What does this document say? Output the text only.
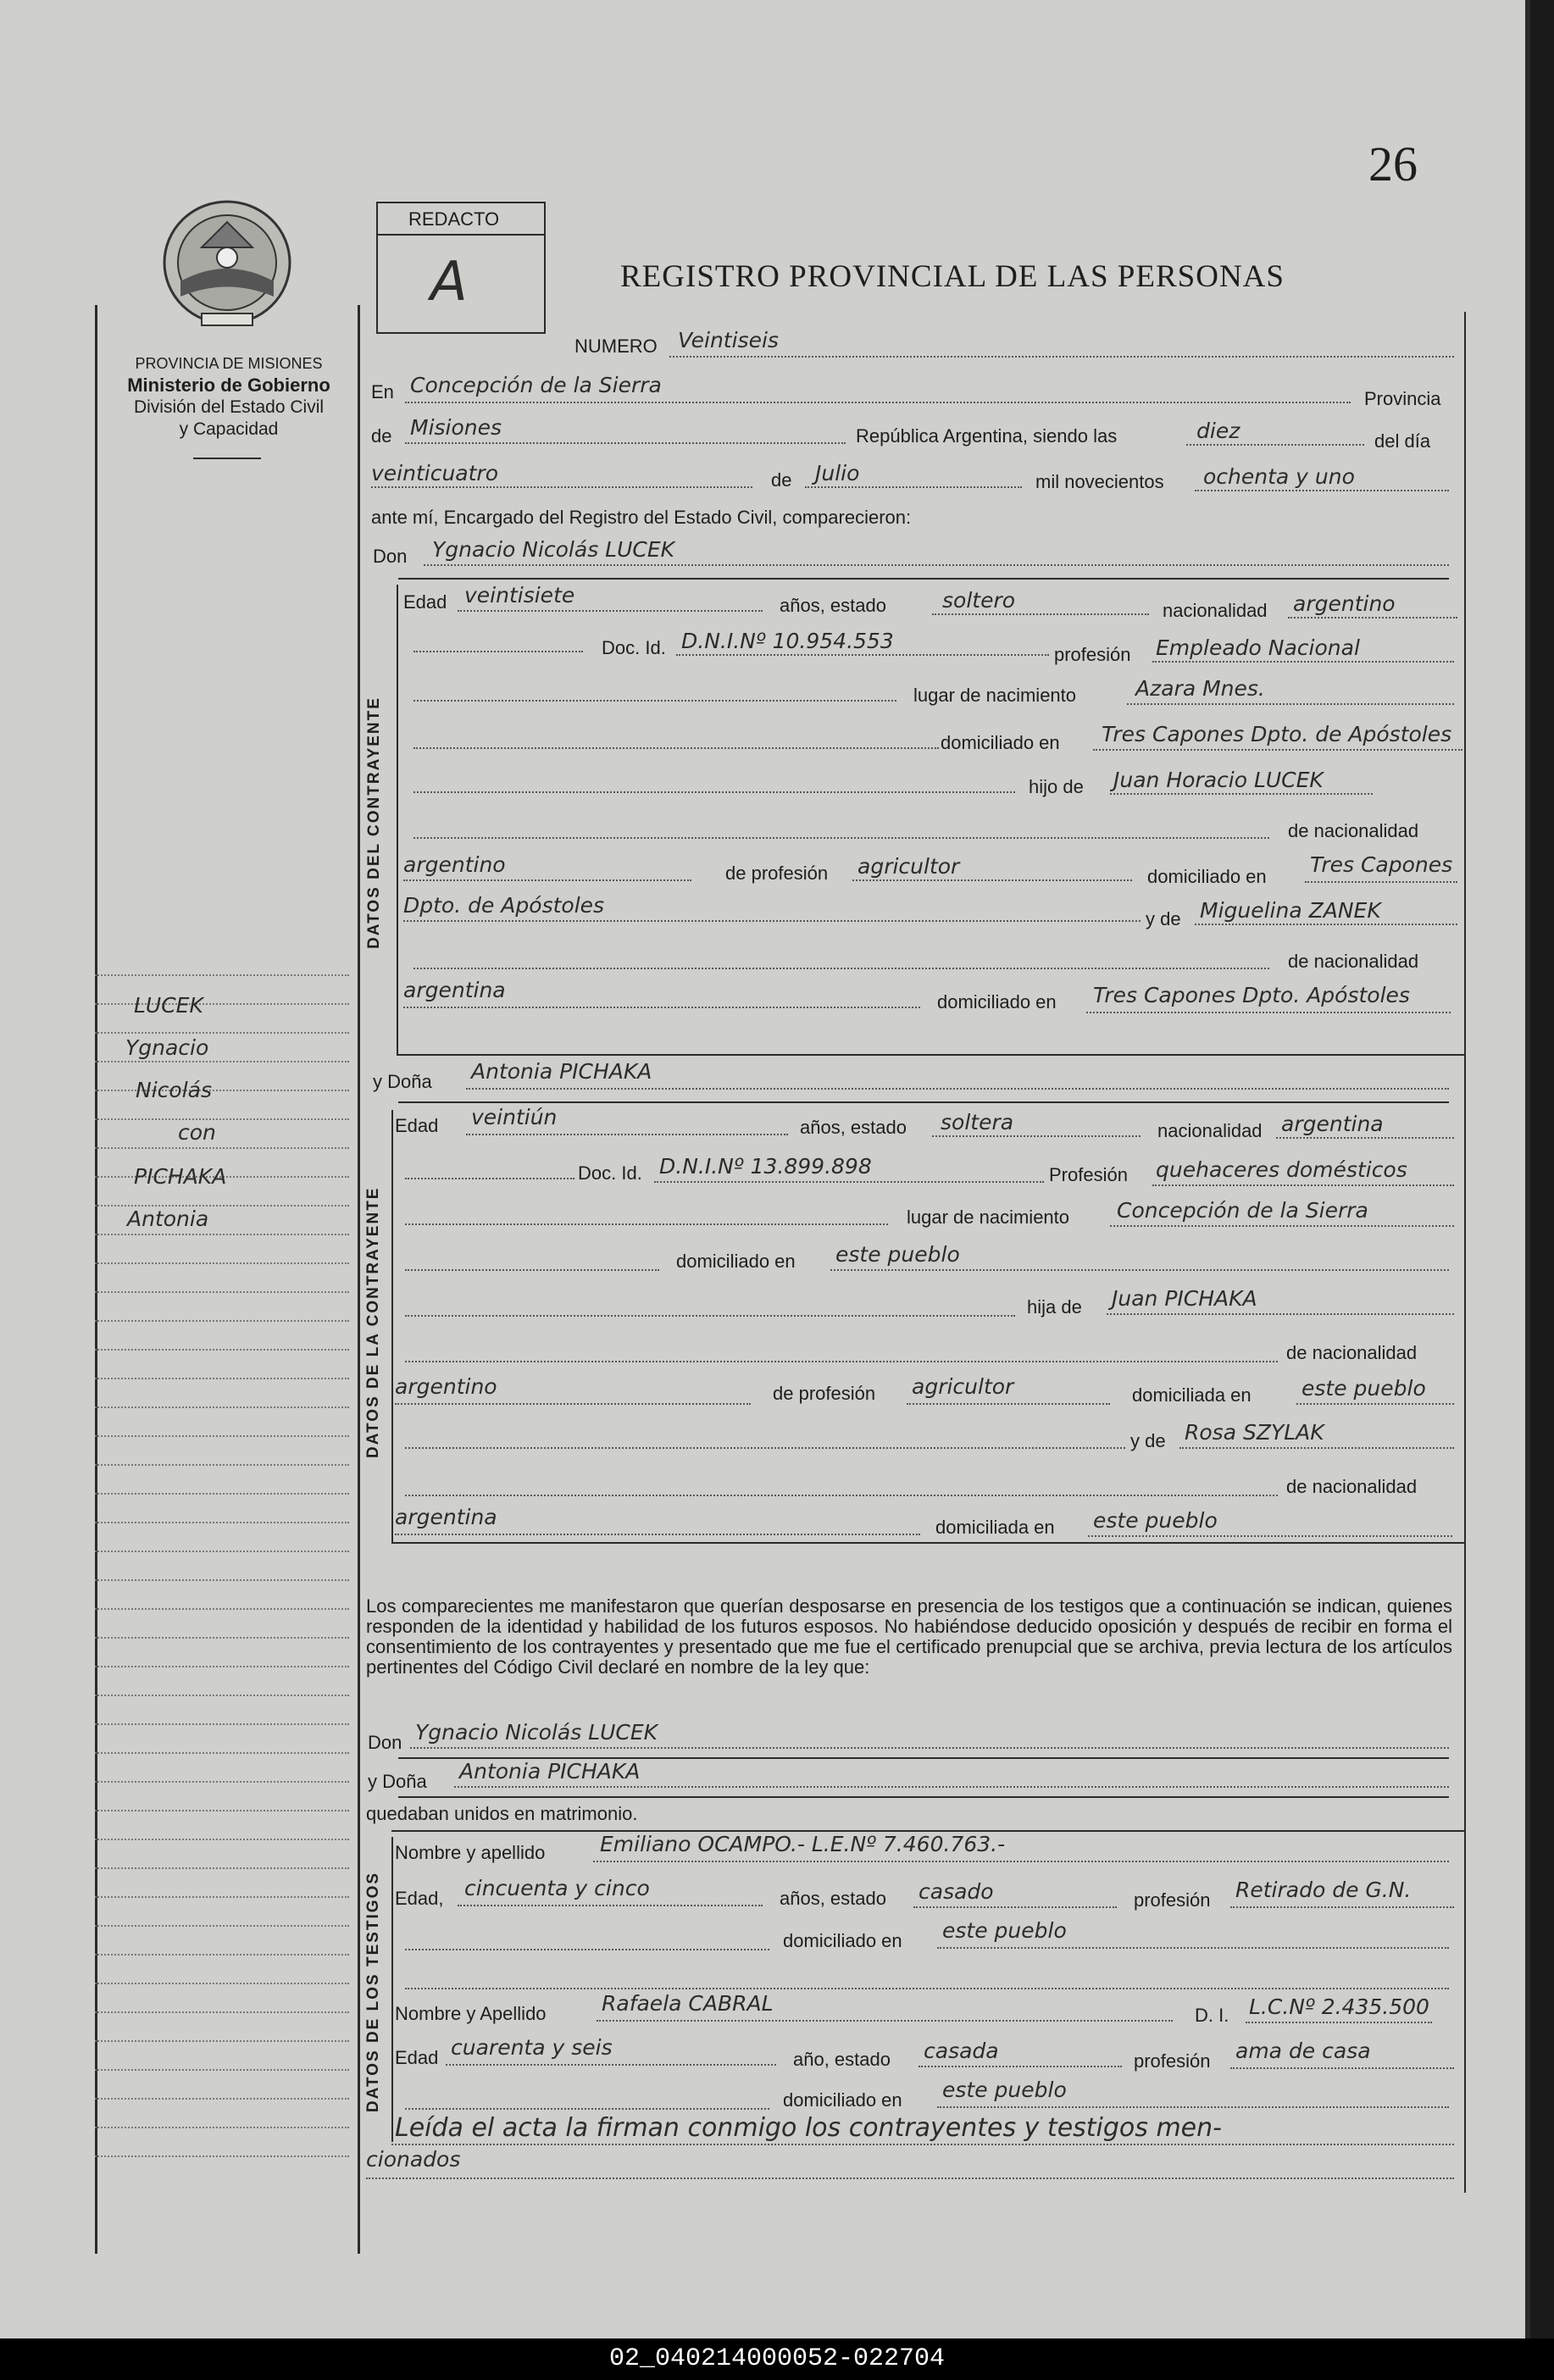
26
REGISTRO PROVINCIAL DE LAS PERSONAS
PROVINCIA DE MISIONES
Ministerio de Gobierno
División del Estado Civil
y Capacidad
REDACTO
A
NUMERO Veintiseis
En Concepción de la Sierra
Provincia
de Misiones	República Argentina, siendo las	diez	del día
veinticuatro	de Julio	mil novecientos ochenta y uno
ante mí, Encargado del Registro del Estado Civil, comparecieron:
Don Ygnacio Nicolás LUCEK
DATOS DEL CONTRAYENTE
Edad veintisiete	años, estado	soltero	nacionalidad argentino
Doc. Id. D.N.I.Nº 10.954.553
profesión Empleado Nacional
lugar de nacimiento	Azara Mnes.
domiciliado en Tres Capones Dpto. de Apóstoles
hijo de Juan Horacio LUCEK
de nacionalidad
argentino	de profesión agricultor	domiciliado en Tres Capones
Dpto. de Apóstoles
y de Miguelina ZANEK
de nacionalidad
argentina	domiciliado en Tres Capones Dpto. Apóstoles
y Doña Antonia PICHAKA
DATOS DE LA CONTRAYENTE
Edad veintiún	años, estado soltera	nacionalidad argentina
Doc. Id. D.N.I.Nº 13.899.898	Profesión quehaceres domésticos
lugar de nacimiento Concepción de la Sierra
domiciliado en este pueblo
hija de Juan PICHAKA
de nacionalidad
argentino	de profesión agricultor	domiciliada en este pueblo
y de Rosa SZYLAK
de nacionalidad
argentina	domiciliada en este pueblo
Los comparecientes me manifestaron que querían desposarse en presencia de los testigos que a continuación se indican, quienes responden de la identidad y habilidad de los futuros esposos. No habiéndose deducido oposición y después de recibir en forma el consentimiento de los contrayentes y presentado que me fue el certificado prenupcial que se archiva, previa lectura de los artículos pertinentes del Código Civil declaré en nombre de la ley que:
Don Ygnacio Nicolás LUCEK
y Doña Antonia PICHAKA
quedaban unidos en matrimonio.
DATOS DE LOS TESTIGOS
Nombre y apellido	Emiliano OCAMPO.- L.E.Nº 7.460.763.-
Edad, cincuenta y cinco	años, estado casado	profesión Retirado de G.N.
domiciliado en este pueblo
Nombre y Apellido	Rafaela CABRAL	D. I. L.C.Nº 2.435.500
Edad cuarenta y seis	año, estado casada	profesión ama de casa
domiciliado en este pueblo
Leída el acta la firman conmigo los contrayentes y testigos men-
cionados
LUCEK
Ygnacio
Nicolás
con
PICHAKA
Antonia
02_040214000052-022704
